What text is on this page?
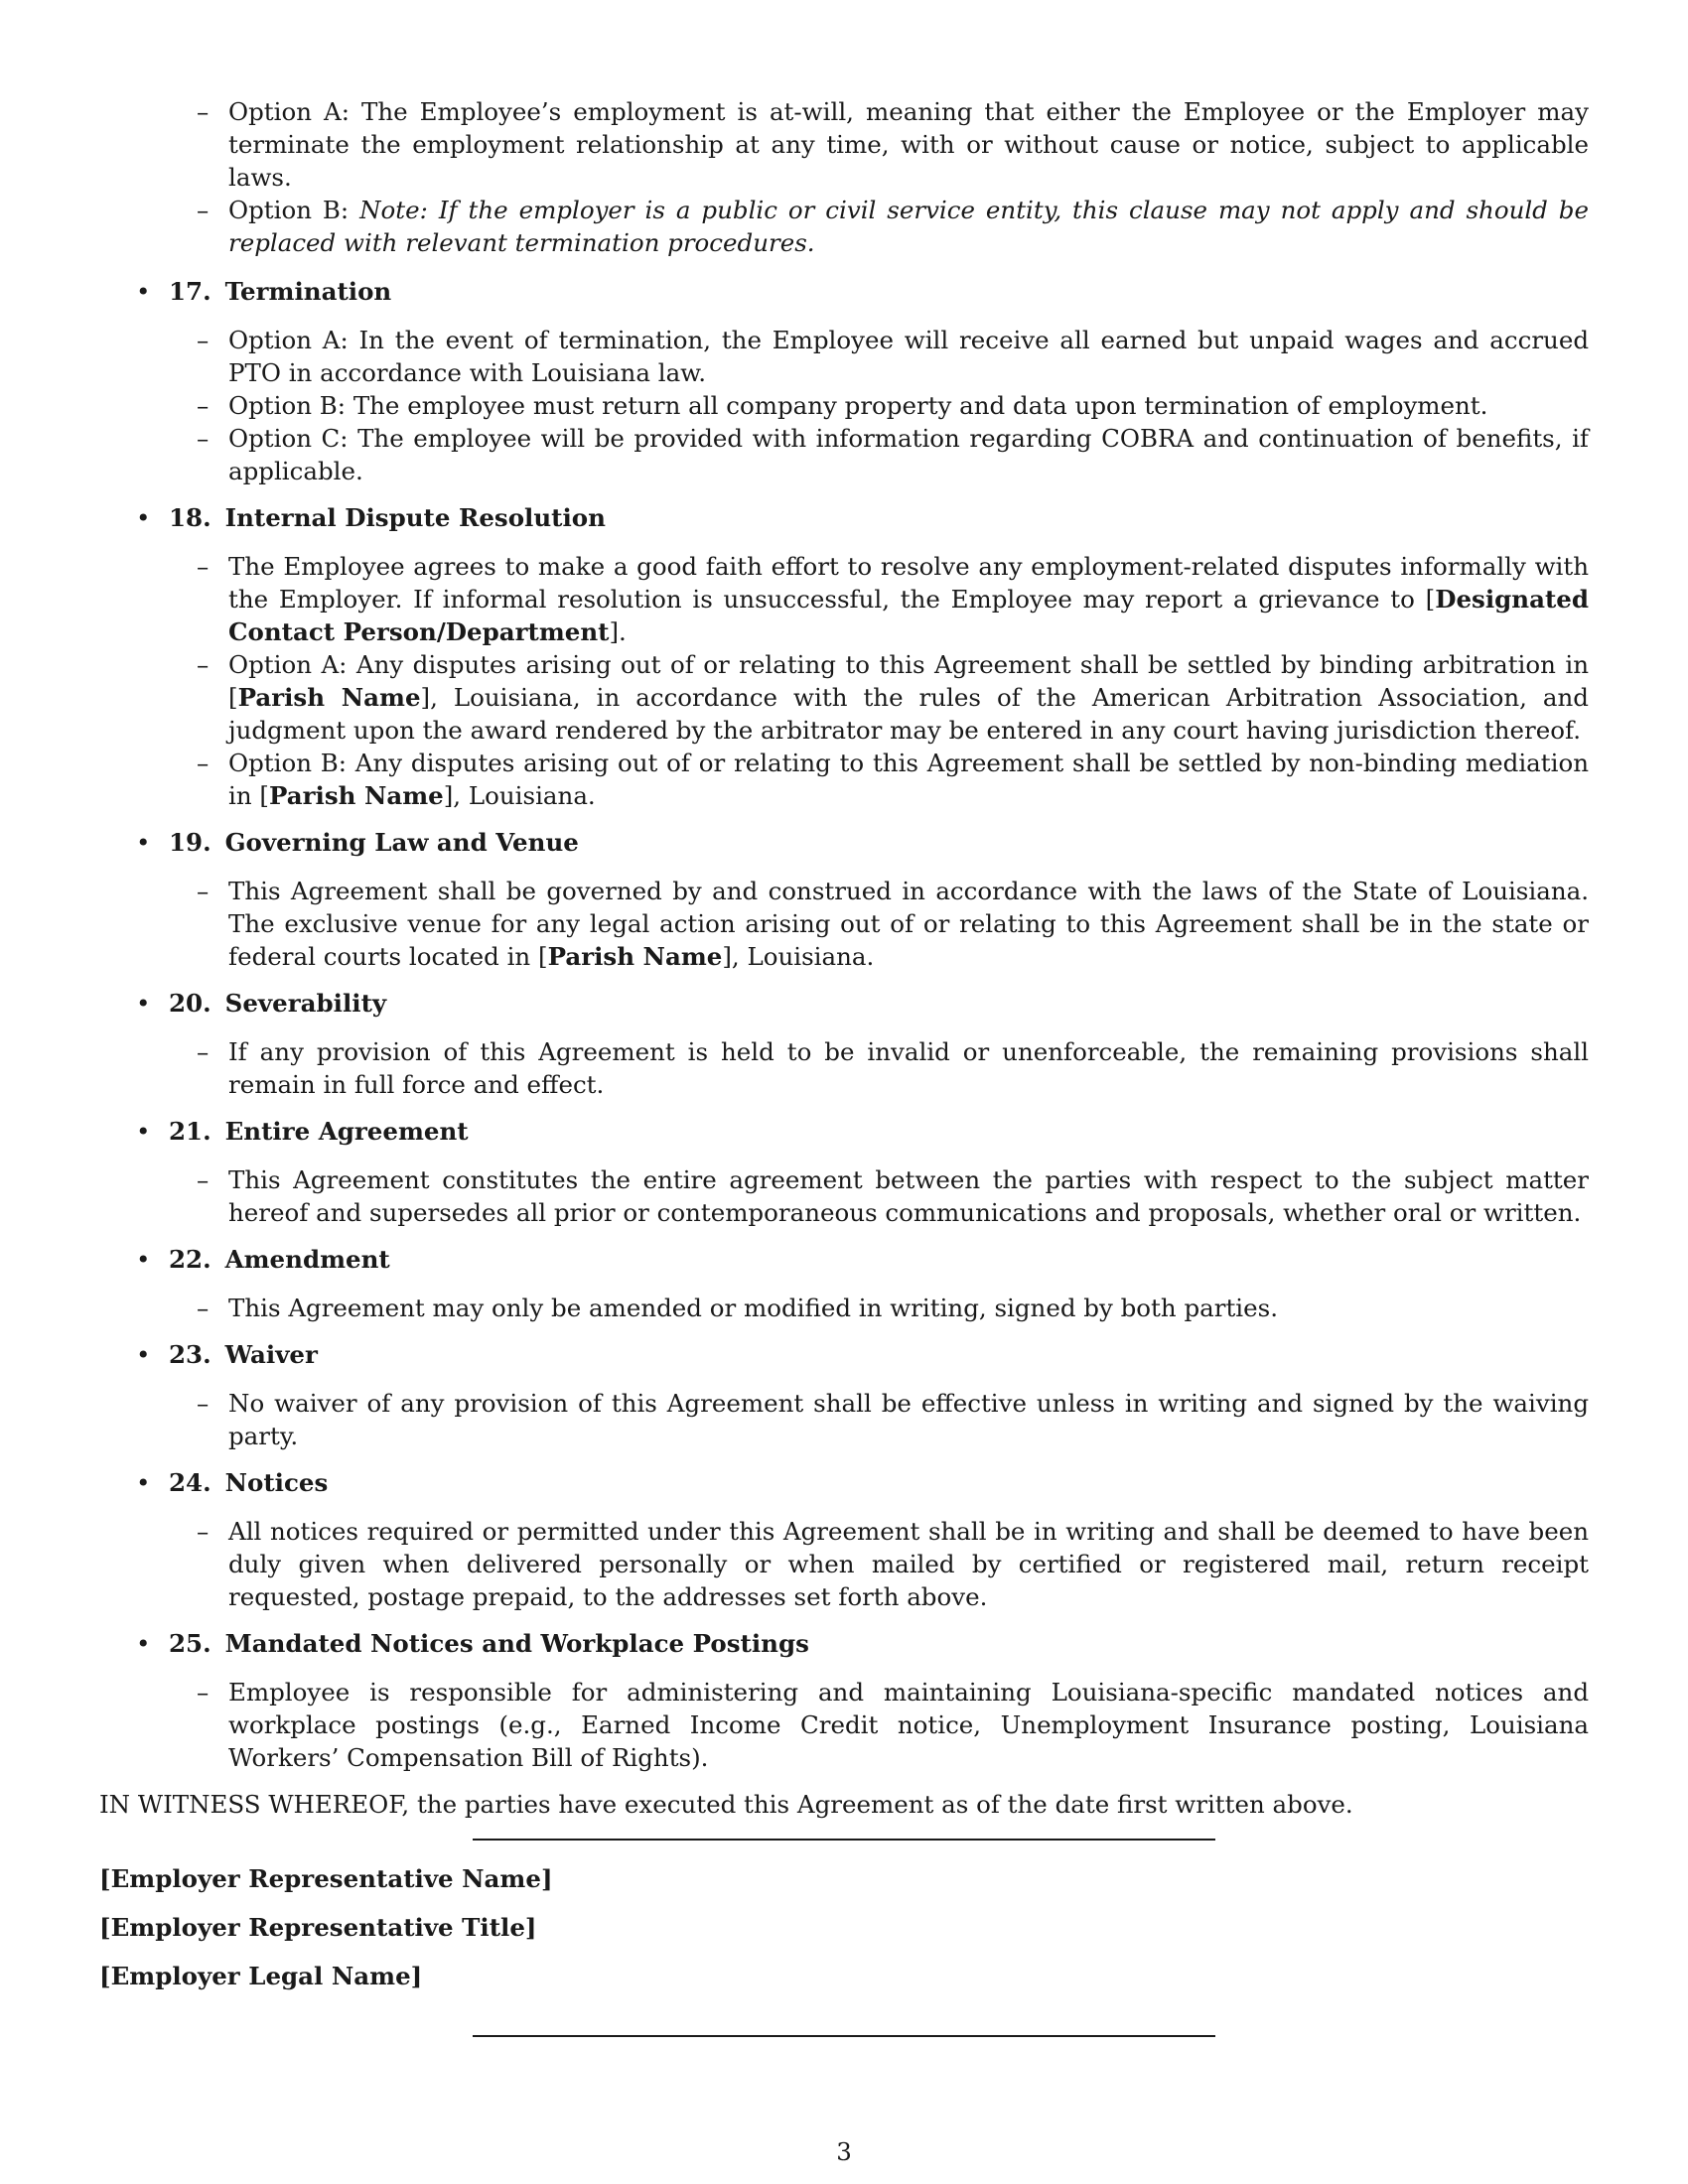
– Option A: The Employee’s employment is at-will, meaning that either the Employee or the Employer may terminate the employment relationship at any time, with or without cause or notice, subject to applicable laws.
– Option B: Note: If the employer is a public or civil service entity, this clause may not apply and should be replaced with relevant termination procedures.
• 17. Termination
– Option A: In the event of termination, the Employee will receive all earned but unpaid wages and accrued PTO in accordance with Louisiana law.
– Option B: The employee must return all company property and data upon termination of employment.
– Option C: The employee will be provided with information regarding COBRA and continuation of benefits, if applicable.
• 18. Internal Dispute Resolution
– The Employee agrees to make a good faith effort to resolve any employment-related disputes informally with the Employer. If informal resolution is unsuccessful, the Employee may report a grievance to [Designated Contact Person/Department].
– Option A: Any disputes arising out of or relating to this Agreement shall be settled by binding arbitration in [Parish Name], Louisiana, in accordance with the rules of the American Arbitration Association, and judgment upon the award rendered by the arbitrator may be entered in any court having jurisdiction thereof.
– Option B: Any disputes arising out of or relating to this Agreement shall be settled by non-binding mediation in [Parish Name], Louisiana.
• 19. Governing Law and Venue
– This Agreement shall be governed by and construed in accordance with the laws of the State of Louisiana. The exclusive venue for any legal action arising out of or relating to this Agreement shall be in the state or federal courts located in [Parish Name], Louisiana.
• 20. Severability
– If any provision of this Agreement is held to be invalid or unenforceable, the remaining provisions shall remain in full force and effect.
• 21. Entire Agreement
– This Agreement constitutes the entire agreement between the parties with respect to the subject matter hereof and supersedes all prior or contemporaneous communications and proposals, whether oral or written.
• 22. Amendment
– This Agreement may only be amended or modified in writing, signed by both parties.
• 23. Waiver
– No waiver of any provision of this Agreement shall be effective unless in writing and signed by the waiving party.
• 24. Notices
– All notices required or permitted under this Agreement shall be in writing and shall be deemed to have been duly given when delivered personally or when mailed by certified or registered mail, return receipt requested, postage prepaid, to the addresses set forth above.
• 25. Mandated Notices and Workplace Postings
– Employee is responsible for administering and maintaining Louisiana-specific mandated notices and workplace postings (e.g., Earned Income Credit notice, Unemployment Insurance posting, Louisiana Workers’ Compensation Bill of Rights).

IN WITNESS WHEREOF, the parties have executed this Agreement as of the date first written above.

[Employer Representative Name]
[Employer Representative Title]
[Employer Legal Name]
3
